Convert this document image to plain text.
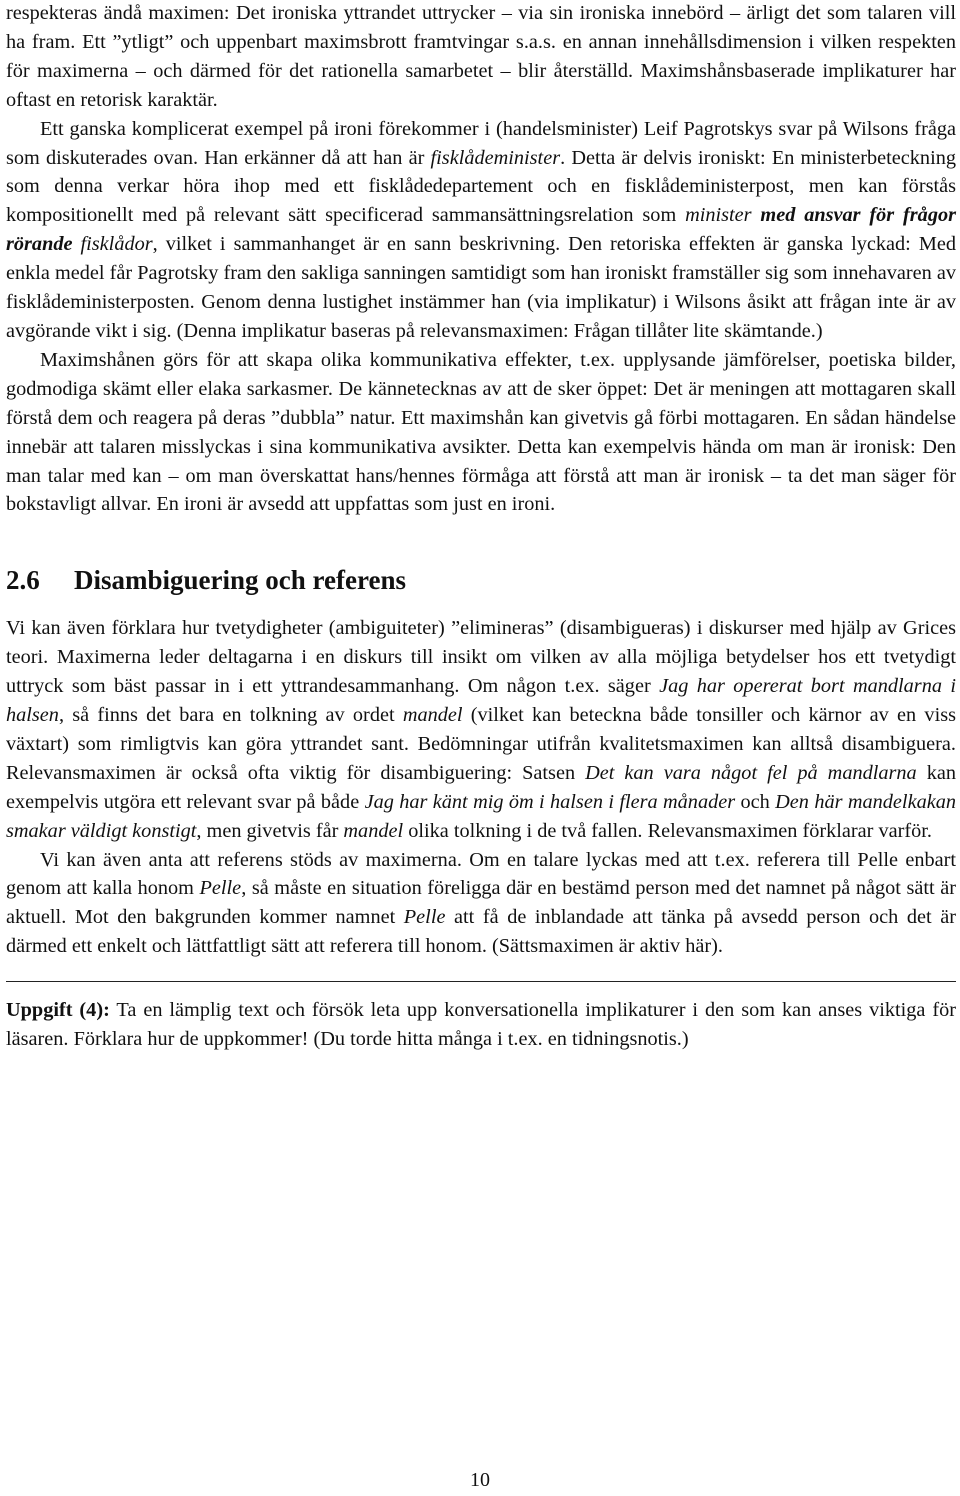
respekteras ändå maximen: Det ironiska yttrandet uttrycker – via sin ironiska innebörd – ärligt det som talaren vill ha fram. Ett ”ytligt” och uppenbart maximsbrott framtvingar s.a.s. en annan innehållsdimension i vilken respekten för maximerna – och därmed för det rationella samarbetet – blir återställd. Maximshånsbaserade implikaturer har oftast en retorisk karaktär.

Ett ganska komplicerat exempel på ironi förekommer i (handelsminister) Leif Pagrotskys svar på Wilsons fråga som diskuterades ovan. Han erkänner då att han är fisklådeminister. Detta är delvis ironiskt: En ministerbeteckning som denna verkar höra ihop med ett fisklådedepartement och en fisklådeministerpost, men kan förstås kompositionellt med på relevant sätt specificerad sammansättningsrelation som minister med ansvar för frågor rörande fisklådor, vilket i sammanhanget är en sann beskrivning. Den retoriska effekten är ganska lyckad: Med enkla medel får Pagrotsky fram den sakliga sanningen samtidigt som han ironiskt framställer sig som innehavaren av fisklådeministerposten. Genom denna lustighet instämmer han (via implikatur) i Wilsons åsikt att frågan inte är av avgörande vikt i sig. (Denna implikatur baseras på relevansmaximen: Frågan tillåter lite skämtande.)

Maximshånen görs för att skapa olika kommunikativa effekter, t.ex. upplysande jämförelser, poetiska bilder, godmodiga skämt eller elaka sarkasmer. De kännetecknas av att de sker öppet: Det är meningen att mottagaren skall förstå dem och reagera på deras ”dubbla” natur. Ett maximshån kan givetvis gå förbi mottagaren. En sådan händelse innebär att talaren misslyckas i sina kommunikativa avsikter. Detta kan exempelvis hända om man är ironisk: Den man talar med kan – om man överskattat hans/hennes förmåga att förstå att man är ironisk – ta det man säger för bokstavligt allvar. En ironi är avsedd att uppfattas som just en ironi.

2.6 Disambiguering och referens

Vi kan även förklara hur tvetydigheter (ambiguiteter) ”elimineras” (disambigueras) i diskurser med hjälp av Grices teori. Maximerna leder deltagarna i en diskurs till insikt om vilken av alla möjliga betydelser hos ett tvetydigt uttryck som bäst passar in i ett yttrandesammanhang. Om någon t.ex. säger Jag har opererat bort mandlarna i halsen, så finns det bara en tolkning av ordet mandel (vilket kan beteckna både tonsiller och kärnor av en viss växtart) som rimligtvis kan göra yttrandet sant. Bedömningar utifrån kvalitetsmaximen kan alltså disambiguera. Relevansmaximen är också ofta viktig för disambiguering: Satsen Det kan vara något fel på mandlarna kan exempelvis utgöra ett relevant svar på både Jag har känt mig öm i halsen i flera månader och Den här mandelkakan smakar väldigt konstigt, men givetvis får mandel olika tolkning i de två fallen. Relevansmaximen förklarar varför.

Vi kan även anta att referens stöds av maximerna. Om en talare lyckas med att t.ex. referera till Pelle enbart genom att kalla honom Pelle, så måste en situation föreligga där en bestämd person med det namnet på något sätt är aktuell. Mot den bakgrunden kommer namnet Pelle att få de inblandade att tänka på avsedd person och det är därmed ett enkelt och lättfattligt sätt att referera till honom. (Sättsmaximen är aktiv här).

Uppgift (4): Ta en lämplig text och försök leta upp konversationella implikaturer i den som kan anses viktiga för läsaren. Förklara hur de uppkommer! (Du torde hitta många i t.ex. en tidningsnotis.)

10
